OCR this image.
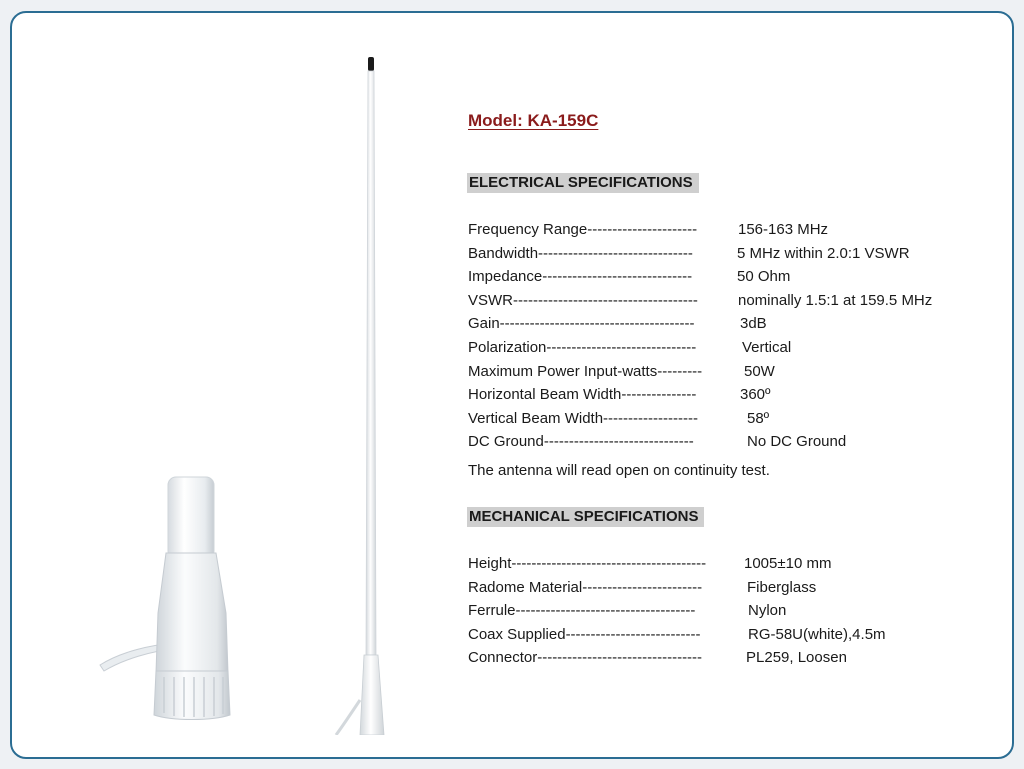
Model: KA-159C
ELECTRICAL SPECIFICATIONS
Frequency Range----------------------	156-163 MHz
Bandwidth-------------------------------	5 MHz within 2.0:1 VSWR
Impedance------------------------------	50 Ohm
VSWR-------------------------------------	nominally 1.5:1 at 159.5 MHz
Gain---------------------------------------	3dB
Polarization------------------------------	Vertical
Maximum Power Input-watts---------	50W
Horizontal Beam Width---------------	360º
Vertical Beam Width-------------------	58º
DC Ground------------------------------	No DC Ground
The antenna will read open on continuity test.
MECHANICAL SPECIFICATIONS
Height---------------------------------------	1005±10 mm
Radome Material------------------------	Fiberglass
Ferrule------------------------------------	Nylon
Coax Supplied---------------------------	RG-58U(white),4.5m
Connector---------------------------------	PL259, Loosen
